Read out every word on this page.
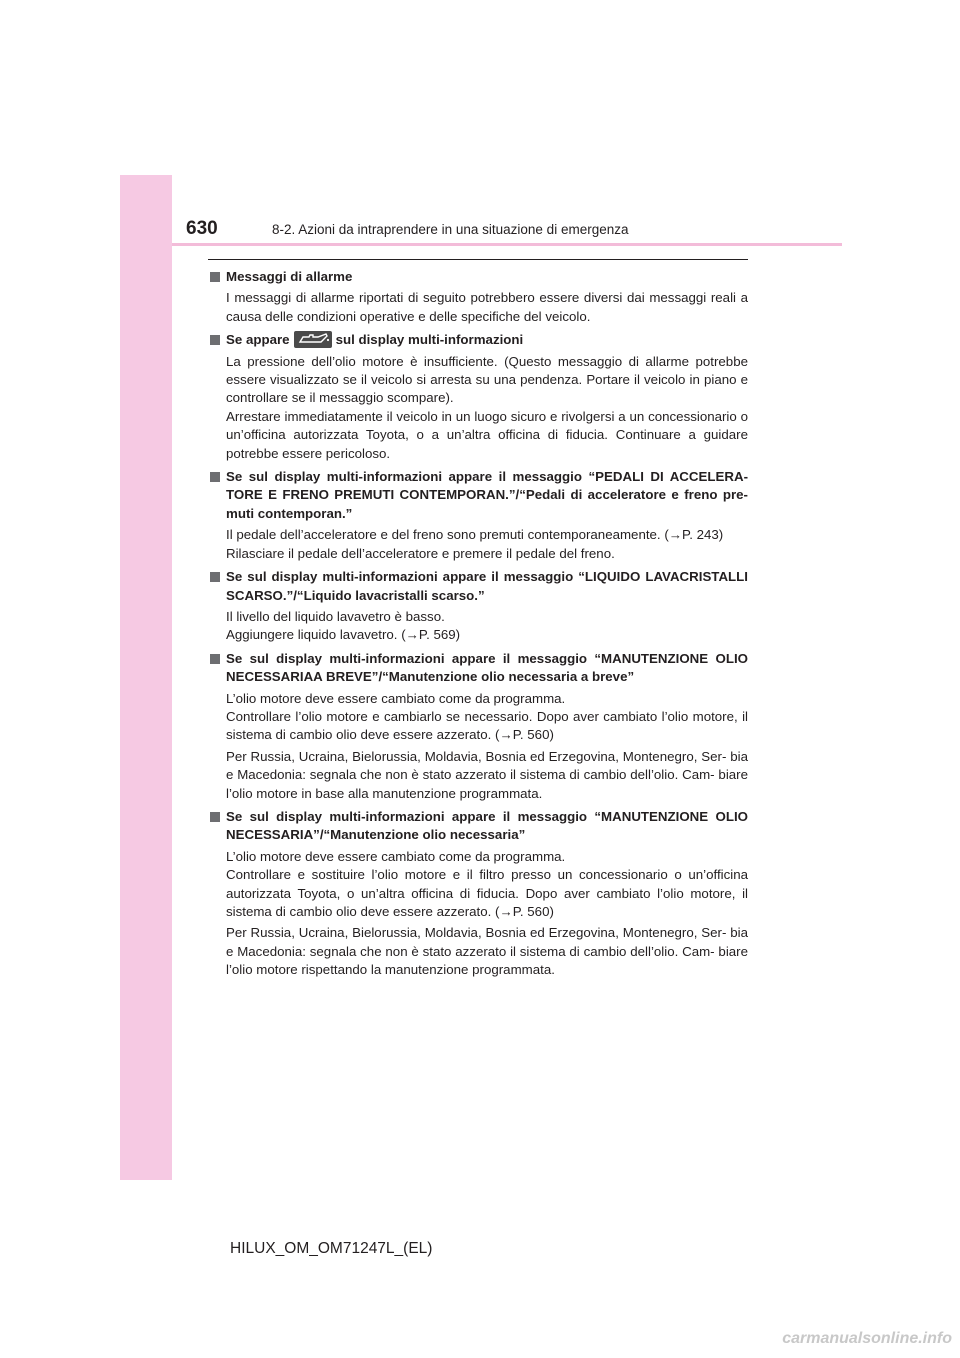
630	8-2. Azioni da intraprendere in una situazione di emergenza
Messaggi di allarme
I messaggi di allarme riportati di seguito potrebbero essere diversi dai messaggi reali a causa delle condizioni operative e delle specifiche del veicolo.
Se appare	sul display multi-informazioni
La pressione dell’olio motore è insufficiente. (Questo messaggio di allarme potrebbe essere visualizzato se il veicolo si arresta su una pendenza. Portare il veicolo in piano e controllare se il messaggio scompare).
Arrestare immediatamente il veicolo in un luogo sicuro e rivolgersi a un concessionario o un’officina autorizzata Toyota, o a un’altra officina di fiducia. Continuare a guidare potrebbe essere pericoloso.
Se sul display multi-informazioni appare il messaggio “PEDALI DI ACCELERA- TORE E FRENO PREMUTI CONTEMPORAN.”/“Pedali di acceleratore e freno pre- muti contemporan.”
Il pedale dell’acceleratore e del freno sono premuti contemporaneamente. (→P. 243)
Rilasciare il pedale dell’acceleratore e premere il pedale del freno.
Se sul display multi-informazioni appare il messaggio “LIQUIDO LAVACRISTALLI SCARSO.”/“Liquido lavacristalli scarso.”
Il livello del liquido lavavetro è basso.
Aggiungere liquido lavavetro. (→P. 569)
Se sul display multi-informazioni appare il messaggio “MANUTENZIONE OLIO NECESSARIAA BREVE”/“Manutenzione olio necessaria a breve”
L’olio motore deve essere cambiato come da programma.
Controllare l’olio motore e cambiarlo se necessario. Dopo aver cambiato l’olio motore, il sistema di cambio olio deve essere azzerato. (→P. 560)
Per Russia, Ucraina, Bielorussia, Moldavia, Bosnia ed Erzegovina, Montenegro, Ser- bia e Macedonia: segnala che non è stato azzerato il sistema di cambio dell’olio. Cam- biare l’olio motore in base alla manutenzione programmata.
Se sul display multi-informazioni appare il messaggio “MANUTENZIONE OLIO NECESSARIA”/“Manutenzione olio necessaria”
L’olio motore deve essere cambiato come da programma.
Controllare e sostituire l’olio motore e il filtro presso un concessionario o un’officina autorizzata Toyota, o un’altra officina di fiducia. Dopo aver cambiato l’olio motore, il sistema di cambio olio deve essere azzerato. (→P. 560)
Per Russia, Ucraina, Bielorussia, Moldavia, Bosnia ed Erzegovina, Montenegro, Ser- bia e Macedonia: segnala che non è stato azzerato il sistema di cambio dell’olio. Cam- biare l’olio motore rispettando la manutenzione programmata.
HILUX_OM_OM71247L_(EL)
carmanualsonline.info
